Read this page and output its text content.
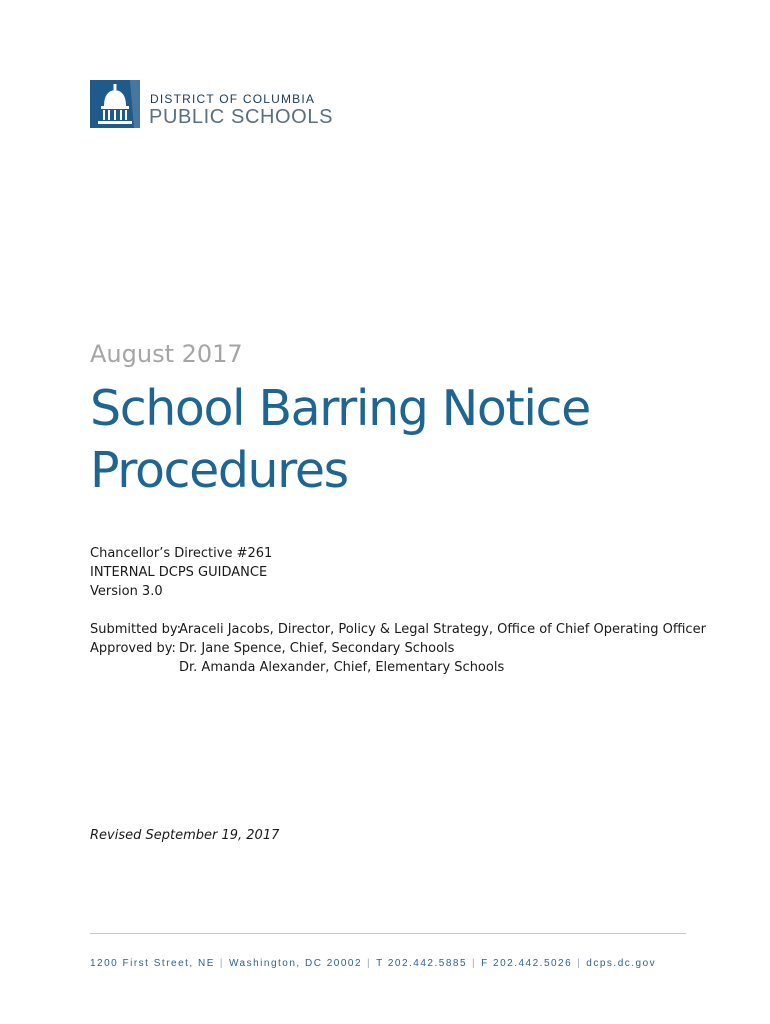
DISTRICT OF COLUMBIA
PUBLIC SCHOOLS
August 2017
School Barring Notice
Procedures
Chancellor’s Directive #261
INTERNAL DCPS GUIDANCE
Version 3.0
Submitted by:
Araceli Jacobs, Director, Policy & Legal Strategy, Office of Chief Operating Officer
Approved by: Dr. Jane Spence, Chief, Secondary Schools
Dr. Amanda Alexander, Chief, Elementary Schools
Revised September 19, 2017
1200 First Street, NE | Washington, DC 20002 | T 202.442.5885 | F 202.442.5026 | dcps.dc.gov
